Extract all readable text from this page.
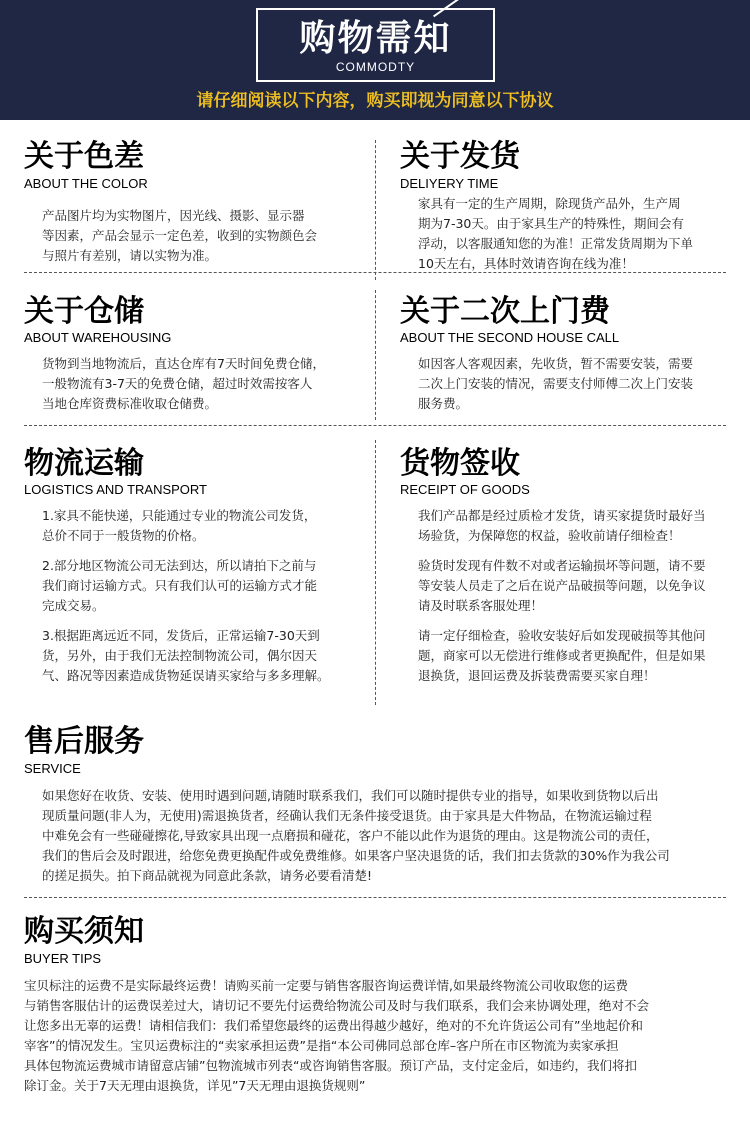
购物需知
COMMODTY
请仔细阅读以下内容，购买即视为同意以下协议
关于色差
ABOUT THE COLOR

产品图片均为实物图片，因光线、摄影、显示器

等因素，产品会显示一定色差，收到的实物颜色会

与照片有差别，请以实物为准。

关于发货
DELIYERY TIME

家具有一定的生产周期，除现货产品外，生产周

期为7-30天。由于家具生产的特殊性，期间会有

浮动，以客服通知您的为准！正常发货周期为下单

10天左右，具体时效请咨询在线为准！

关于仓储
ABOUT WAREHOUSING

货物到当地物流后，直达仓库有7天时间免费仓储，

一般物流有3-7天的免费仓储，超过时效需按客人

当地仓库资费标准收取仓储费。

关于二次上门费
ABOUT THE SECOND HOUSE CALL

如因客人客观因素，先收货，暂不需要安装，需要

二次上门安装的情况，需要支付师傅二次上门安装

服务费。

物流运输
LOGISTICS AND TRANSPORT

1.家具不能快递，只能通过专业的物流公司发货，

总价不同于一般货物的价格。

2.部分地区物流公司无法到达，所以请拍下之前与

我们商讨运输方式。只有我们认可的运输方式才能

完成交易。

3.根据距离远近不同，发货后，正常运输7-30天到

货，另外，由于我们无法控制物流公司，偶尔因天

气、路况等因素造成货物延误请买家给与多多理解。

货物签收
RECEIPT OF GOODS

我们产品都是经过质检才发货，请买家提货时最好当

场验货，为保障您的权益，验收前请仔细检查！

验货时发现有件数不对或者运输损坏等问题，请不要

等安装人员走了之后在说产品破损等问题，以免争议

请及时联系客服处理！

请一定仔细检查，验收安装好后如发现破损等其他问

题，商家可以无偿进行维修或者更换配件，但是如果

退换货，退回运费及拆装费需要买家自理！

售后服务
SERVICE

如果您好在收货、安装、使用时遇到问题,请随时联系我们，我们可以随时提供专业的指导，如果收到货物以后出

现质量问题(非人为，无使用)需退换货者，经确认我们无条件接受退货。由于家具是大件物品，在物流运输过程

中难免会有一些碰碰擦花,导致家具出现一点磨损和碰花，客户不能以此作为退货的理由。这是物流公司的责任，

我们的售后会及时跟进，给您免费更换配件或免费维修。如果客户坚决退货的话，我们扣去货款的30%作为我公司

的搓足损失。拍下商品就视为同意此条款，请务必要看清楚!

购买须知
BUYER TIPS

宝贝标注的运费不是实际最终运费！请购买前一定要与销售客服咨询运费详情,如果最终物流公司收取您的运费

与销售客服估计的运费误差过大，请切记不要先付运费给物流公司及时与我们联系，我们会来协调处理，绝对不会

让您多出无辜的运费！请相信我们：我们希望您最终的运费出得越少越好，绝对的不允许货运公司有”坐地起价和

宰客”的情况发生。宝贝运费标注的“卖家承担运费”是指“本公司佛同总部仓库–客户所在市区物流为卖家承担

具体包物流运费城市请留意店铺”包物流城市列表“或咨询销售客服。预订产品，支付定金后，如违约，我们将扣

除订金。关于7天无理由退换货，详见”7天无理由退换货规则”
